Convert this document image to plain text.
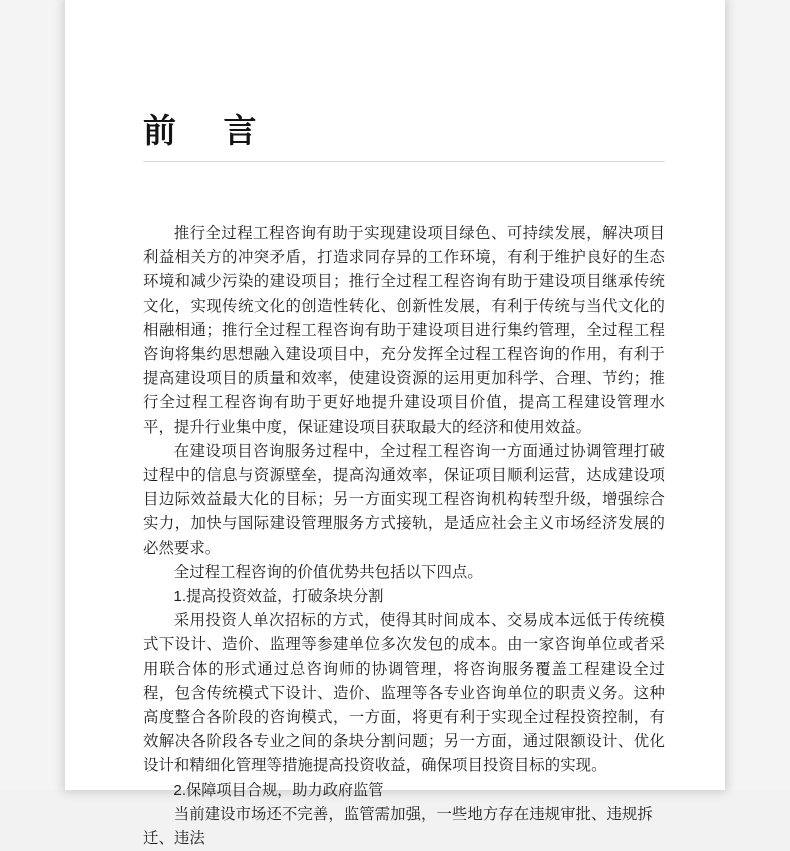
前　言

推行全过程工程咨询有助于实现建设项目绿色、可持续发展，解决项目利益相关方的冲突矛盾，打造求同存异的工作环境，有利于维护良好的生态环境和减少污染的建设项目；推行全过程工程咨询有助于建设项目继承传统文化，实现传统文化的创造性转化、创新性发展，有利于传统与当代文化的相融相通；推行全过程工程咨询有助于建设项目进行集约管理，全过程工程咨询将集约思想融入建设项目中，充分发挥全过程工程咨询的作用，有利于提高建设项目的质量和效率，使建设资源的运用更加科学、合理、节约；推行全过程工程咨询有助于更好地提升建设项目价值，提高工程建设管理水平，提升行业集中度，保证建设项目获取最大的经济和使用效益。

在建设项目咨询服务过程中，全过程工程咨询一方面通过协调管理打破过程中的信息与资源壁垒，提高沟通效率，保证项目顺利运营，达成建设项目边际效益最大化的目标；另一方面实现工程咨询机构转型升级，增强综合实力，加快与国际建设管理服务方式接轨，是适应社会主义市场经济发展的必然要求。

全过程工程咨询的价值优势共包括以下四点。

1.提高投资效益，打破条块分割

采用投资人单次招标的方式，使得其时间成本、交易成本远低于传统模式下设计、造价、监理等参建单位多次发包的成本。由一家咨询单位或者采用联合体的形式通过总咨询师的协调管理，将咨询服务覆盖工程建设全过程，包含传统模式下设计、造价、监理等各专业咨询单位的职责义务。这种高度整合各阶段的咨询模式，一方面，将更有利于实现全过程投资控制，有效解决各阶段各专业之间的条块分割问题；另一方面，通过限额设计、优化设计和精细化管理等措施提高投资收益，确保项目投资目标的实现。

2.保障项目合规，助力政府监管

当前建设市场还不完善，监管需加强，一些地方存在违规审批、违规拆迁、违法
